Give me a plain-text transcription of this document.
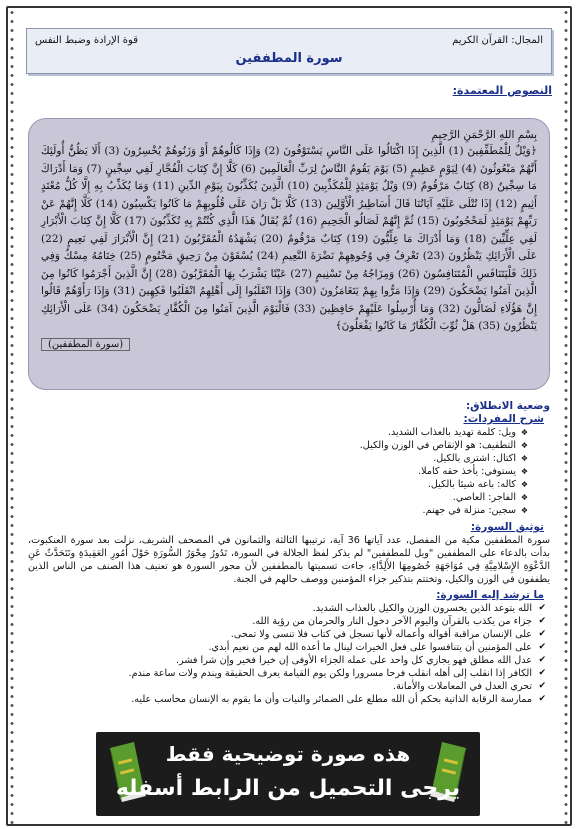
المجال: القرآن الكريم
قوة الإرادة وضبط النفس
سورة المطففين
النصوص المعتمدة:
بِسْمِ اللهِ الرَّحْمَنِ الرَّحِيمِ
﴿وَيْلٌ لِلْمُطَفِّفِينَ (1) الَّذِينَ إِذَا اكْتَالُوا عَلَى النَّاسِ يَسْتَوْفُونَ (2) وَإِذَا كَالُوهُمْ أَوْ وَزَنُوهُمْ يُخْسِرُونَ (3) أَلَا يَظُنُّ أُولَئِكَ أَنَّهُمْ مَبْعُوثُونَ (4) لِيَوْمٍ عَظِيمٍ (5) يَوْمَ يَقُومُ النَّاسُ لِرَبِّ الْعَالَمِينَ (6) كَلَّا إِنَّ كِتَابَ الْفُجَّارِ لَفِي سِجِّينٍ (7) وَمَا أَدْرَاكَ مَا سِجِّينٌ (8) كِتَابٌ مَرْقُومٌ (9) وَيْلٌ يَوْمَئِذٍ لِلْمُكَذِّبِينَ (10) الَّذِينَ يُكَذِّبُونَ بِيَوْمِ الدِّينِ (11) وَمَا يُكَذِّبُ بِهِ إِلَّا كُلُّ مُعْتَدٍ أَثِيمٍ (12) إِذَا تُتْلَى عَلَيْهِ آيَاتُنَا قَالَ أَسَاطِيرُ الْأَوَّلِينَ (13) كَلَّا بَلْ رَانَ عَلَى قُلُوبِهِمْ مَا كَانُوا يَكْسِبُونَ (14) كَلَّا إِنَّهُمْ عَنْ رَبِّهِمْ يَوْمَئِذٍ لَمَحْجُوبُونَ (15) ثُمَّ إِنَّهُمْ لَصَالُو الْجَحِيمِ (16) ثُمَّ يُقَالُ هَذَا الَّذِي كُنْتُمْ بِهِ تُكَذِّبُونَ (17) كَلَّا إِنَّ كِتَابَ الْأَبْرَارِ لَفِي عِلِّيِّينَ (18) وَمَا أَدْرَاكَ مَا عِلِّيُّونَ (19) كِتَابٌ مَرْقُومٌ (20) يَشْهَدُهُ الْمُقَرَّبُونَ (21) إِنَّ الْأَبْرَارَ لَفِي نَعِيمٍ (22) عَلَى الْأَرَائِكِ يَنْظُرُونَ (23) تَعْرِفُ فِي وُجُوهِهِمْ نَضْرَةَ النَّعِيمِ (24) يُسْقَوْنَ مِنْ رَحِيقٍ مَخْتُومٍ (25) خِتَامُهُ مِسْكٌ وَفِي ذَلِكَ فَلْيَتَنَافَسِ الْمُتَنَافِسُونَ (26) وَمِزَاجُهُ مِنْ تَسْنِيمٍ (27) عَيْنًا يَشْرَبُ بِهَا الْمُقَرَّبُونَ (28) إِنَّ الَّذِينَ أَجْرَمُوا كَانُوا مِنَ الَّذِينَ آمَنُوا يَضْحَكُونَ (29) وَإِذَا مَرُّوا بِهِمْ يَتَغَامَزُونَ (30) وَإِذَا انْقَلَبُوا إِلَى أَهْلِهِمُ انْقَلَبُوا فَكِهِينَ (31) وَإِذَا رَأَوْهُمْ قَالُوا إِنَّ هَؤُلَاءِ لَضَالُّونَ (32) وَمَا أُرْسِلُوا عَلَيْهِمْ حَافِظِينَ (33) فَالْيَوْمَ الَّذِينَ آمَنُوا مِنَ الْكُفَّارِ يَضْحَكُونَ (34) عَلَى الْأَرَائِكِ يَنْظُرُونَ (35) هَلْ ثُوِّبَ الْكُفَّارُ مَا كَانُوا يَفْعَلُونَ﴾
(سورة المطففين)
وضعية الانطلاق:
شرح المفردات:
❖ ويل: كلمة تهديد بالعذاب الشديد.
❖ التطفيف: هو الإنقاص في الوزن والكيل.
❖ اكتال: اشترى بالكيل.
❖ يستوفي: يأخذ حقه كاملا.
❖ كاله: باعه شيئا بالكيل.
❖ الفاجر: العاصي.
❖ سجين: منزلة في جهنم.
توثيق السورة:
سورة المطففين مكية من المفصل، عدد آياتها 36 آية، ترتيبها الثالثة والثمانون في المصحف الشريف، نزلت بعد سورة العنكبوت، بدأت بالدعاء على المطففين "ويل للمطففين" لم يذكر لفظ الجلالة في السورة، تَدُورُ مِحْوَرُ السُّورَةِ حَوْلَ أُمُورِ العَقِيدَةِ وتَتَحَدَّثُ عَنِ الدَّعْوَةِ الإِسْلامِيَّةِ فِي مُوَاجَهَةِ خُصُومِهَا الأَلِدَّاءِ، جاءت تسميتها بالمطففين لأن محور السورة هو تعنيف هذا الصنف من الناس الذين يطففون في الوزن والكيل، وتختتم بتذكير جزاء المؤمنين ووصف حالهم في الجنة.
ما ترشد إليه السورة:
✔ الله يتوعد الذين يخسرون الوزن والكيل بالعذاب الشديد.
✔ جزاء من يكذب بالقرآن واليوم الآخر دخول النار والحرمان من رؤية الله.
✔ على الإنسان مراقبة أقواله وأعماله لأنها تسجل في كتاب فلا تنسى ولا تمحى.
✔ على المؤمنين أن يتنافسوا على فعل الخيرات لينال ما أعده الله لهم من نعيم أبدي.
✔ عدل الله مطلق فهو يجازي كل واحد على عمله الجزاء الأوفى إن خيرا فخير وإن شرا فشر.
✔ الكافر إذا انقلب إلى أهله انقلب فرحا مسرورا ولكن يوم القيامة يعرف الحقيقة ويندم ولات ساعة مندم.
✔ تحري العدل في المعاملات والأمانة.
✔ ممارسة الرقابة الذاتية بحكم أن الله مطلع على الضمائر والنيات وأن ما يقوم به الإنسان محاسب عليه.
هذه صورة توضيحية فقط
يرجى التحميل من الرابط أسفله
